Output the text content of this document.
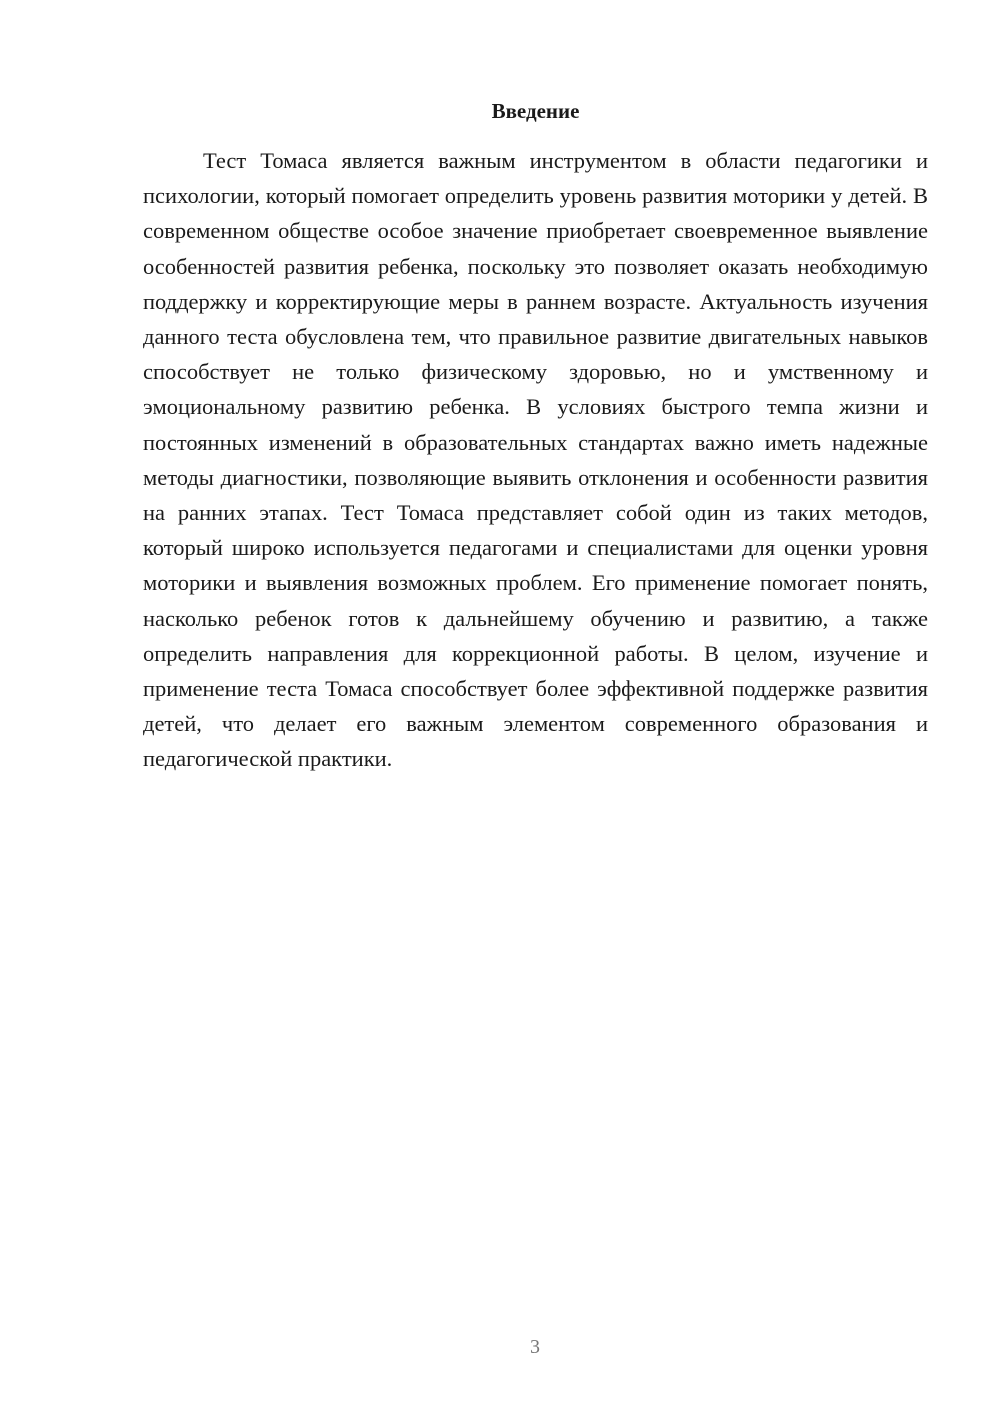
Введение

Тест Томаса является важным инструментом в области педагогики и психологии, который помогает определить уровень развития моторики у детей. В современном обществе особое значение приобретает своевременное выявление особенностей развития ребенка, поскольку это позволяет оказать необходимую поддержку и корректирующие меры в раннем возрасте. Актуальность изучения данного теста обусловлена тем, что правильное развитие двигательных навыков способствует не только физическому здоровью, но и умственному и эмоциональному развитию ребенка. В условиях быстрого темпа жизни и постоянных изменений в образовательных стандартах важно иметь надежные методы диагностики, позволяющие выявить отклонения и особенности развития на ранних этапах. Тест Томаса представляет собой один из таких методов, который широко используется педагогами и специалистами для оценки уровня моторики и выявления возможных проблем. Его применение помогает понять, насколько ребенок готов к дальнейшему обучению и развитию, а также определить направления для коррекционной работы. В целом, изучение и применение теста Томаса способствует более эффективной поддержке развития детей, что делает его важным элементом современного образования и педагогической практики.

3
